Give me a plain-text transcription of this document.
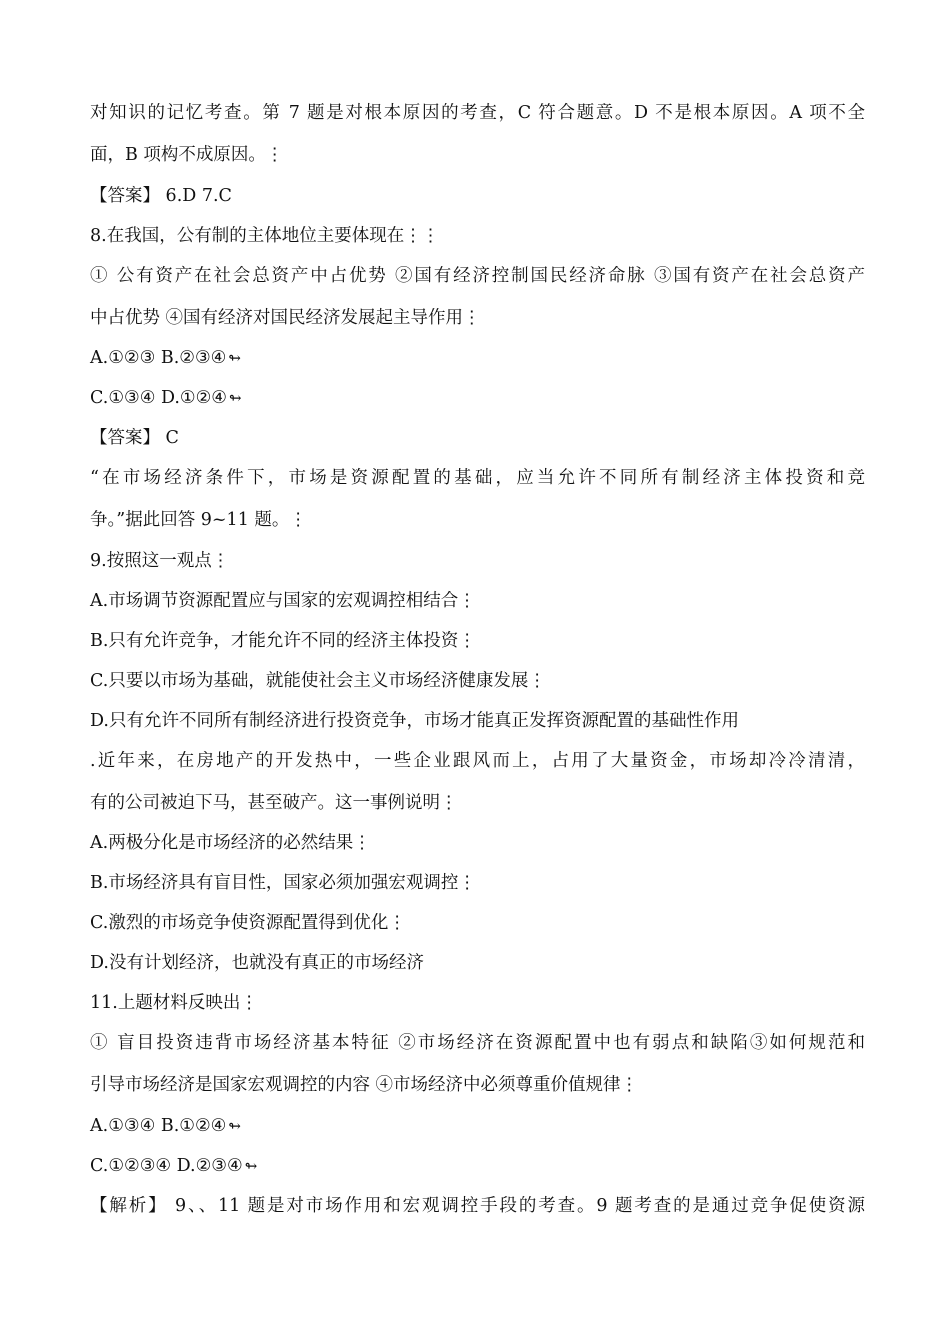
对知识的记忆考查。第 7 题是对根本原因的考查，C 符合题意。D 不是根本原因。A 项不全
面，B 项构不成原因。⋮
【答案】 6.D 7.C
8.在我国，公有制的主体地位主要体现在⋮⋮
① 公有资产在社会总资产中占优势 ②国有经济控制国民经济命脉 ③国有资产在社会总资产
中占优势 ④国有经济对国民经济发展起主导作用⋮
A.①②③ B.②③④ ↬
C.①③④ D.①②④ ↬
【答案】 C
“在市场经济条件下，市场是资源配置的基础，应当允许不同所有制经济主体投资和竞
争。”据此回答 9~11 题。⋮
9.按照这一观点⋮
A.市场调节资源配置应与国家的宏观调控相结合⋮
B.只有允许竞争，才能允许不同的经济主体投资⋮
C.只要以市场为基础，就能使社会主义市场经济健康发展⋮
D.只有允许不同所有制经济进行投资竞争，市场才能真正发挥资源配置的基础性作用
.近年来，在房地产的开发热中，一些企业跟风而上，占用了大量资金，市场却冷冷清清，
有的公司被迫下马，甚至破产。这一事例说明⋮
A.两极分化是市场经济的必然结果⋮
B.市场经济具有盲目性，国家必须加强宏观调控⋮
C.激烈的市场竞争使资源配置得到优化⋮
D.没有计划经济，也就没有真正的市场经济
11.上题材料反映出⋮
① 盲目投资违背市场经济基本特征 ②市场经济在资源配置中也有弱点和缺陷③如何规范和
引导市场经济是国家宏观调控的内容 ④市场经济中必须尊重价值规律⋮
A.①③④ B.①②④ ↬
C.①②③④ D.②③④ ↬
【解析】 9、、11 题是对市场作用和宏观调控手段的考查。9 题考查的是通过竞争促使资源
